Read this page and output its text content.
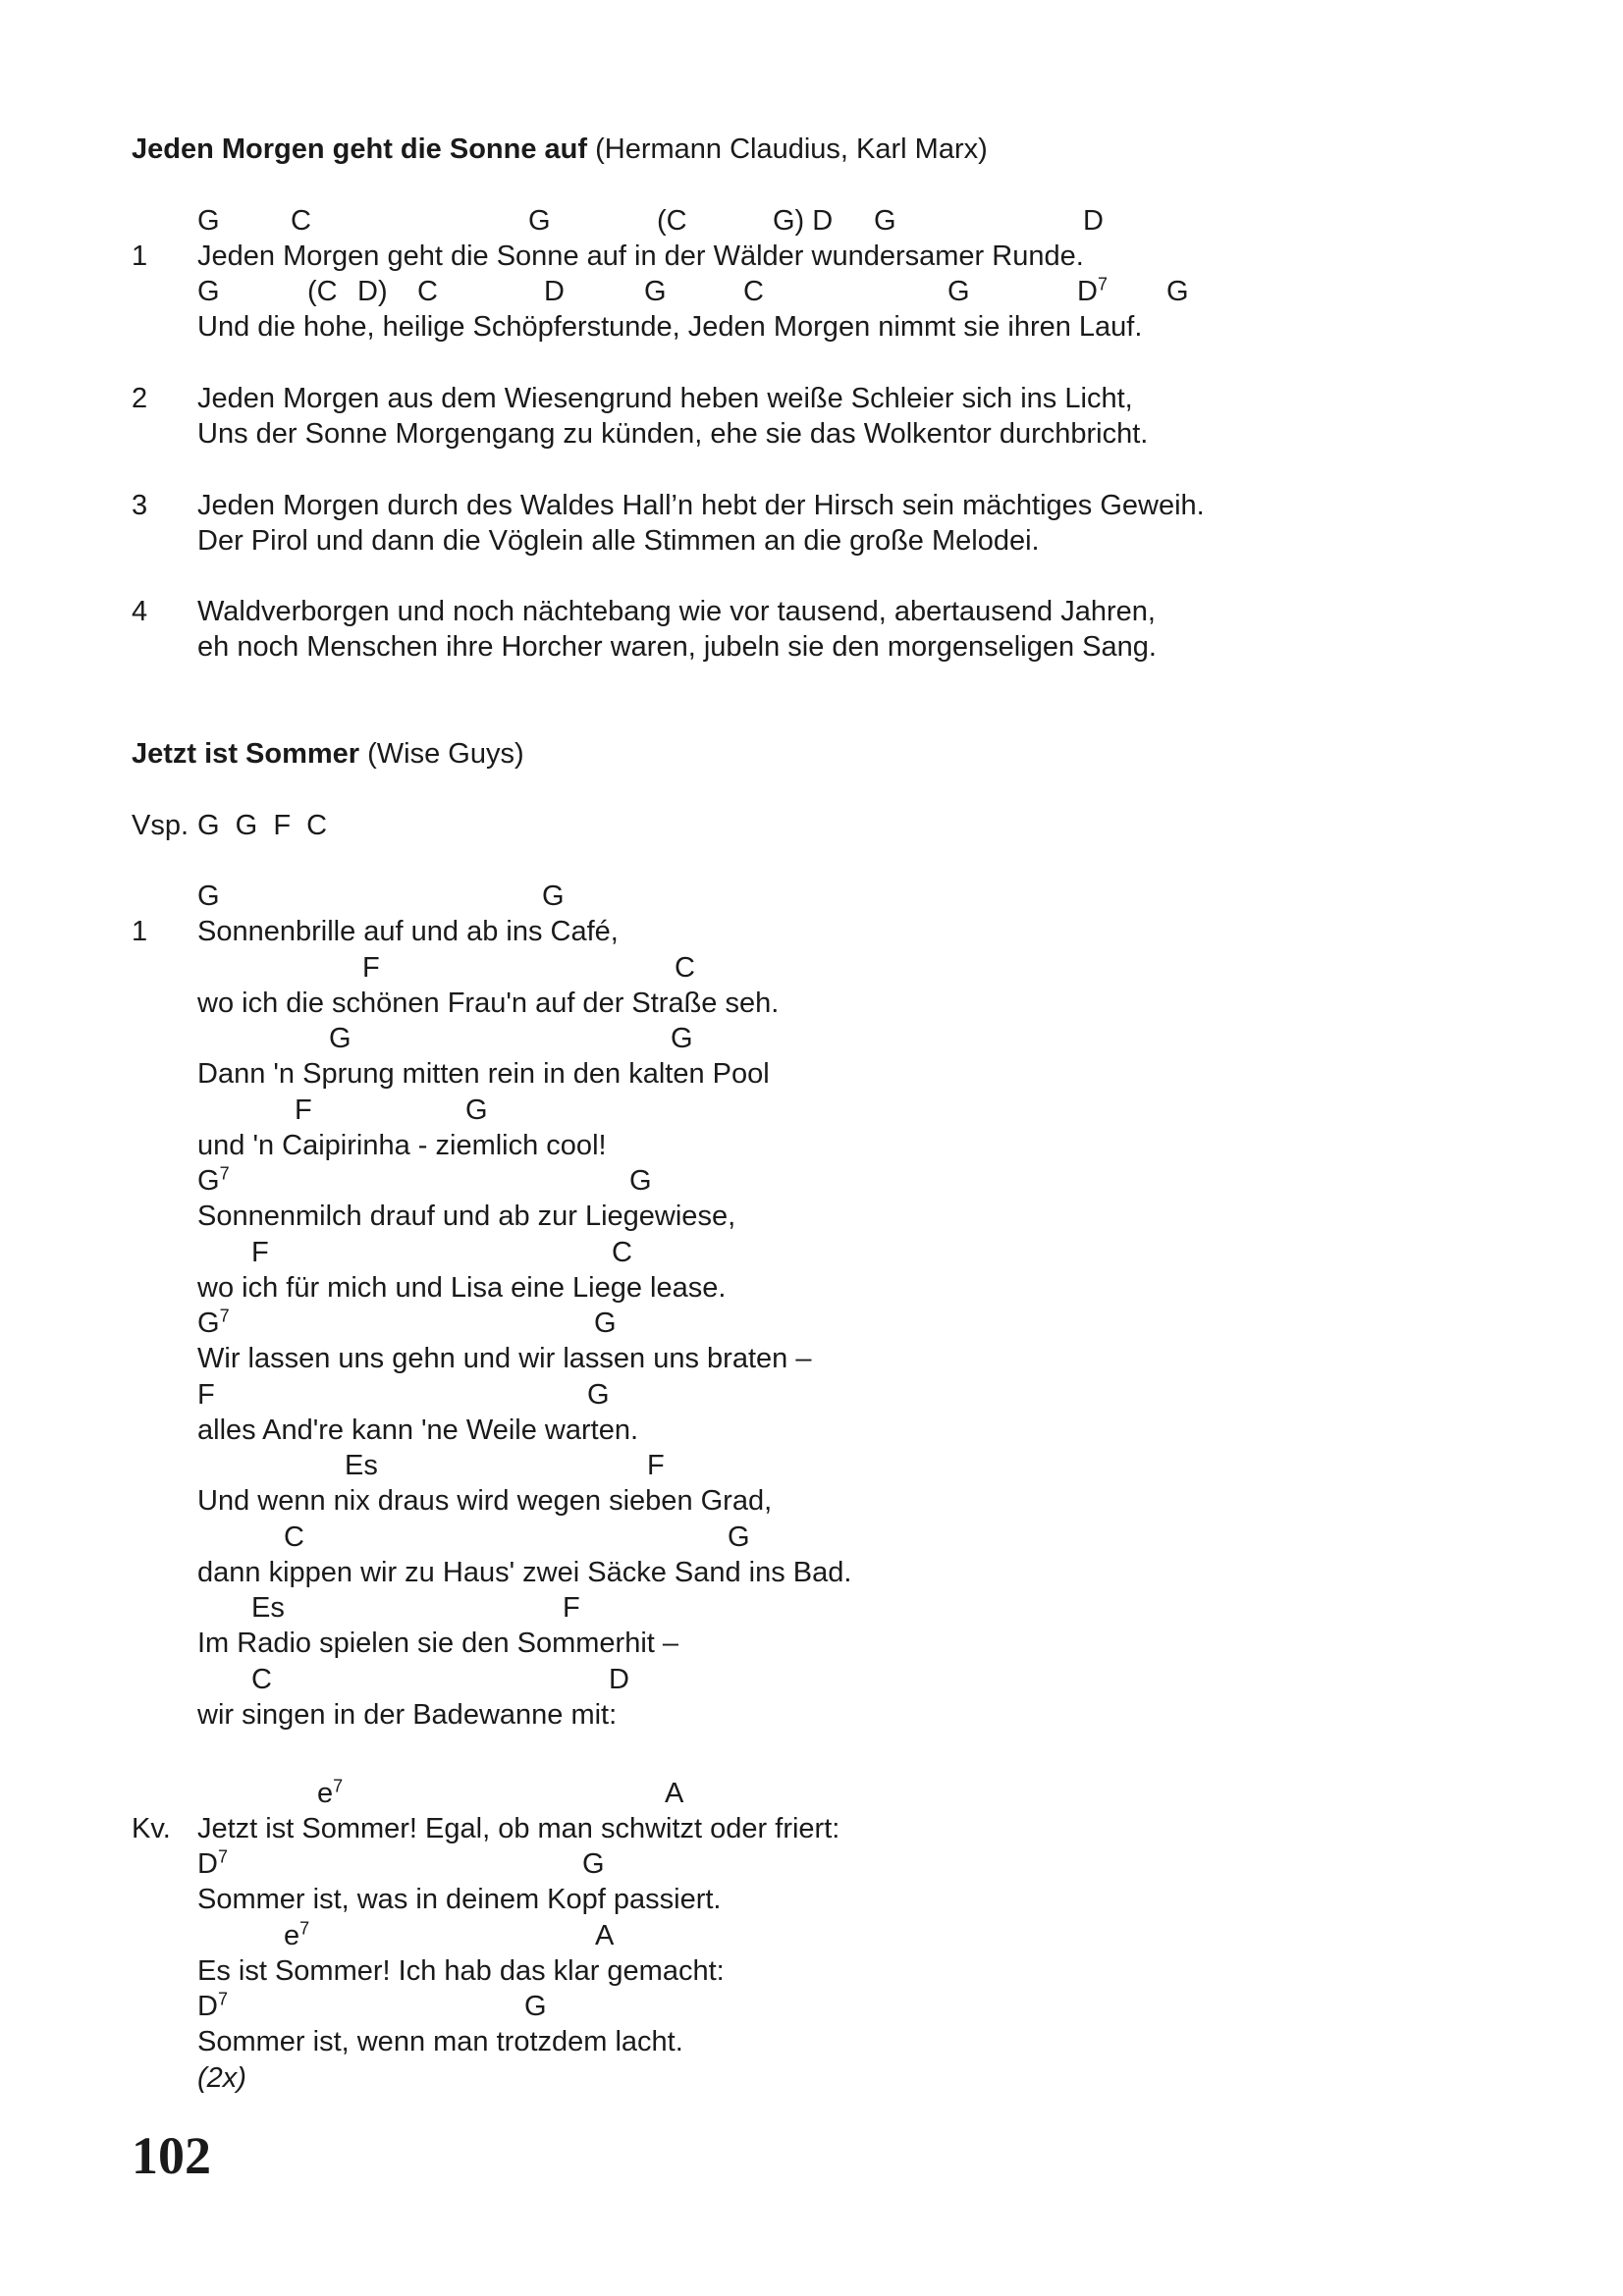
Jeden Morgen geht die Sonne auf (Hermann Claudius, Karl Marx)
G C	G	(C	G) D G	D
1 Jeden Morgen geht die Sonne auf in der Wälder wundersamer Runde.
G	(C D) C	D	G	C	G	$D^7$ G
Und die hohe, heilige Schöpferstunde, Jeden Morgen nimmt sie ihren Lauf.
2 Jeden Morgen aus dem Wiesengrund heben weiße Schleier sich ins Licht,
Uns der Sonne Morgengang zu künden, ehe sie das Wolkentor durchbricht.
3 Jeden Morgen durch des Waldes Hall’n hebt der Hirsch sein mächtiges Geweih.
Der Pirol und dann die Vöglein alle Stimmen an die große Melodei.
4 Waldverborgen und noch nächtebang wie vor tausend, abertausend Jahren,
eh noch Menschen ihre Horcher waren, jubeln sie den morgenseligen Sang.
Jetzt ist Sommer (Wise Guys)
Vsp. G  G  F  C
G	G
1 Sonnenbrille auf und ab ins Café,
F	C
wo ich die schönen Frau'n auf der Straße seh.
G	G
Dann 'n Sprung mitten rein in den kalten Pool
F	G
und 'n Caipirinha - ziemlich cool!
$G^7$	G
Sonnenmilch drauf und ab zur Liegewiese,
F	C
wo ich für mich und Lisa eine Liege lease.
$G^7$	G
Wir lassen uns gehn und wir lassen uns braten –
F	G
alles And're kann 'ne Weile warten.
Es	F
Und wenn nix draus wird wegen sieben Grad,
C	G
dann kippen wir zu Haus' zwei Säcke Sand ins Bad.
Es	F
Im Radio spielen sie den Sommerhit –
C	D
wir singen in der Badewanne mit:
$e^7$	A
Kv. Jetzt ist Sommer! Egal, ob man schwitzt oder friert:
$D^7$	G
Sommer ist, was in deinem Kopf passiert.
$e^7$	A
Es ist Sommer! Ich hab das klar gemacht:
$D^7$	G
Sommer ist, wenn man trotzdem lacht.
(2x)
102
